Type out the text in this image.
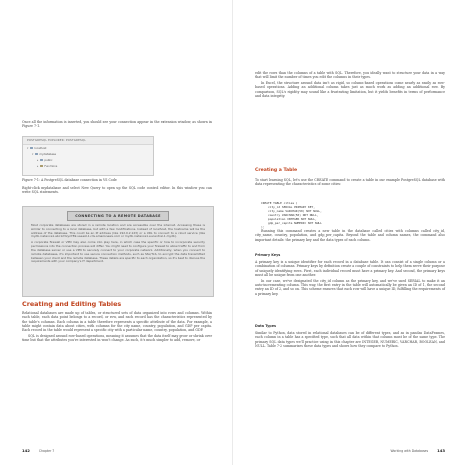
Once all the information is inserted, you should see your connection appear in the extension window, as shown in Figure 7-1.

POSTGRESQL EXPLORER: POSTGRESQL
▾ localhost
▾ mydatabase
▸ public
▸ Functions
Figure 7-1: A PostgreSQL database connection in VS Code

Right-click mydatabase and select New Query to open up the SQL code control editor. In this window you can write SQL statements.

CONNECTING TO A REMOTE DATABASE

Most corporate databases are stored in a remote location and are accessible over the internet. Accessing these is similar to connecting to a local database, but with a few modifications. Instead of localhost, the hostname will be the address of the database. This could be an IP address (like 192.0.2.123) or a URL to connect to a cloud service (like mydb.instance1.abc123xyz789.useast-1.rds.amazonaws.com or mydb.instance1.eucentral-1.mydb).

A corporate firewall or VPN may also come into play here, in which case the specific or how to incorporate security permissions into the connection process will differ. You might need to configure your firewall to allow traffic to and from the database server or use a VPN to securely connect to your corporate network. Additionally, when you connect to remote databases, it's important to use secure connection methods, such as SSL/TLS, to encrypt the data transmitted between your client and the remote database. These details are specific to each organization, so it's best to discuss the requirements with your company's IT department.

Creating and Editing Tables

Relational databases are made up of tables, or structured sets of data organized into rows and columns. Within each table, each data point belongs to a record, or row, and each record has the characteristics represented by the table's columns. Each column in a table therefore represents a specific attribute of the data. For example, a table might contain data about cities, with columns for the city name, country, population, and GDP per capita. Each record in the table would represent a specific city with a particular name, country, population, and GDP.

SQL is designed around row-based operations, meaning it assumes that the data itself may grow or shrink over time but that the attributes you're interested in won't change. As such, it's much simpler to add, remove, or

142	Chapter 7

edit the rows than the columns of a table with SQL. Therefore, you ideally want to structure your data in a way that will limit the number of times you edit the columns in their types.

In Excel, the structure around data isn't as rigid, so column-based operations come nearly as easily as row-based operations. Adding an additional column takes just as much work as adding an additional row. By comparison, SQL's rigidity may sound like a frustrating limitation, but it yields benefits in terms of performance and data integrity.

Creating a Table

To start learning SQL, let's use the CREATE command to create a table in our example PostgreSQL database with data representing the characteristics of some cities:

CREATE TABLE cities (
city_id SERIAL PRIMARY KEY,
city_name VARCHAR(50) NOT NULL,
country VARCHAR(50) NOT NULL,
population INTEGER NOT NULL,
gdp_per_capita NUMERIC NOT NULL
);

Running this command creates a new table in the database called cities with columns called city_id, city_name, country, population, and gdp_per_capita. Beyond the table and column names, the command also important details: the primary key and the data types of each column.

Primary Keys

A primary key is a unique identifier for each record in a database table. It can consist of a single column or a combination of columns. Primary keys by definition create a couple of constraints to help them serve their purpose of uniquely identifying rows. First, each individual record must have a primary key. And second, the primary keys must all be unique from one another.

In our case, we've designated the city_id column as the primary key, and we've used SERIAL to make it an auto-incrementing column. This way, the first entry in the table will automatically be given an ID of 1, the second entry an ID of 2, and so on. This scheme ensures that each row will have a unique ID, fulfilling the requirements of a primary key.

Data Types

Similar to Python, data stored in relational databases can be of different types, and as in pandas DataFrames, each column in a table has a specified type, such that all data within that column must be of the same type. The primary SQL data types we'll practice using in this chapter are INTEGER, NUMERIC, VARCHAR, BOOLEAN, and NULL. Table 7-2 summarizes these data types and shows how they compare to Python.

Working with Databases 143
